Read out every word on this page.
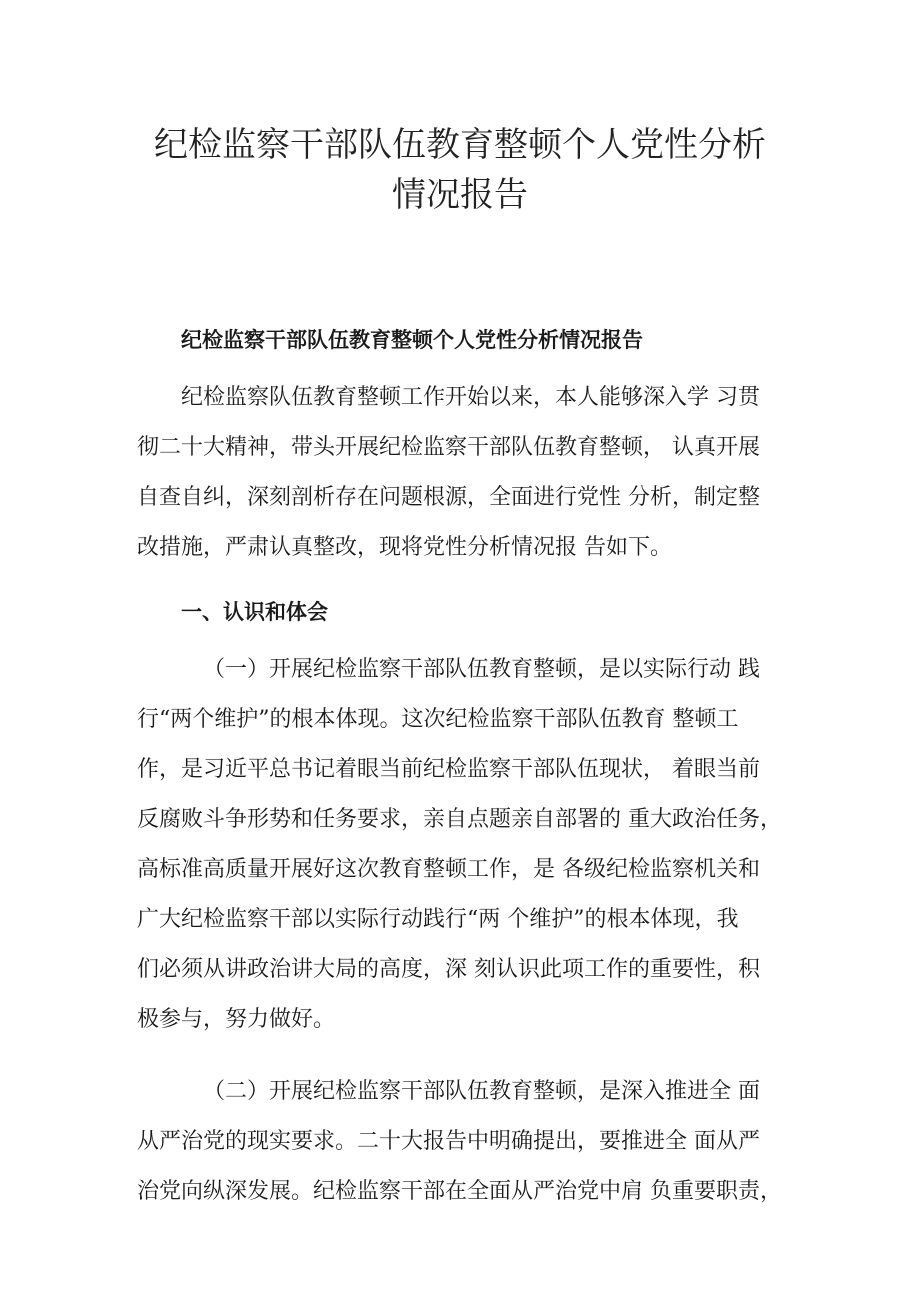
纪检监察干部队伍教育整顿个人党性分析
情况报告

纪检监察干部队伍教育整顿个人党性分析情况报告

纪检监察队伍教育整顿工作开始以来，本人能够深入学 习贯
彻二十大精神，带头开展纪检监察干部队伍教育整顿， 认真开展
自查自纠，深刻剖析存在问题根源，全面进行党性 分析，制定整
改措施，严肃认真整改，现将党性分析情况报 告如下。

一、认识和体会

（一）开展纪检监察干部队伍教育整顿，是以实际行动 践
行“两个维护”的根本体现。这次纪检监察干部队伍教育 整顿工
作，是习近平总书记着眼当前纪检监察干部队伍现状， 着眼当前
反腐败斗争形势和任务要求，亲自点题亲自部署的 重大政治任务，
高标准高质量开展好这次教育整顿工作，是 各级纪检监察机关和
广大纪检监察干部以实际行动践行“两 个维护”的根本体现，我
们必须从讲政治讲大局的高度，深 刻认识此项工作的重要性，积
极参与，努力做好。

（二）开展纪检监察干部队伍教育整顿，是深入推进全 面
从严治党的现实要求。二十大报告中明确提出，要推进全 面从严
治党向纵深发展。纪检监察干部在全面从严治党中肩 负重要职责，
